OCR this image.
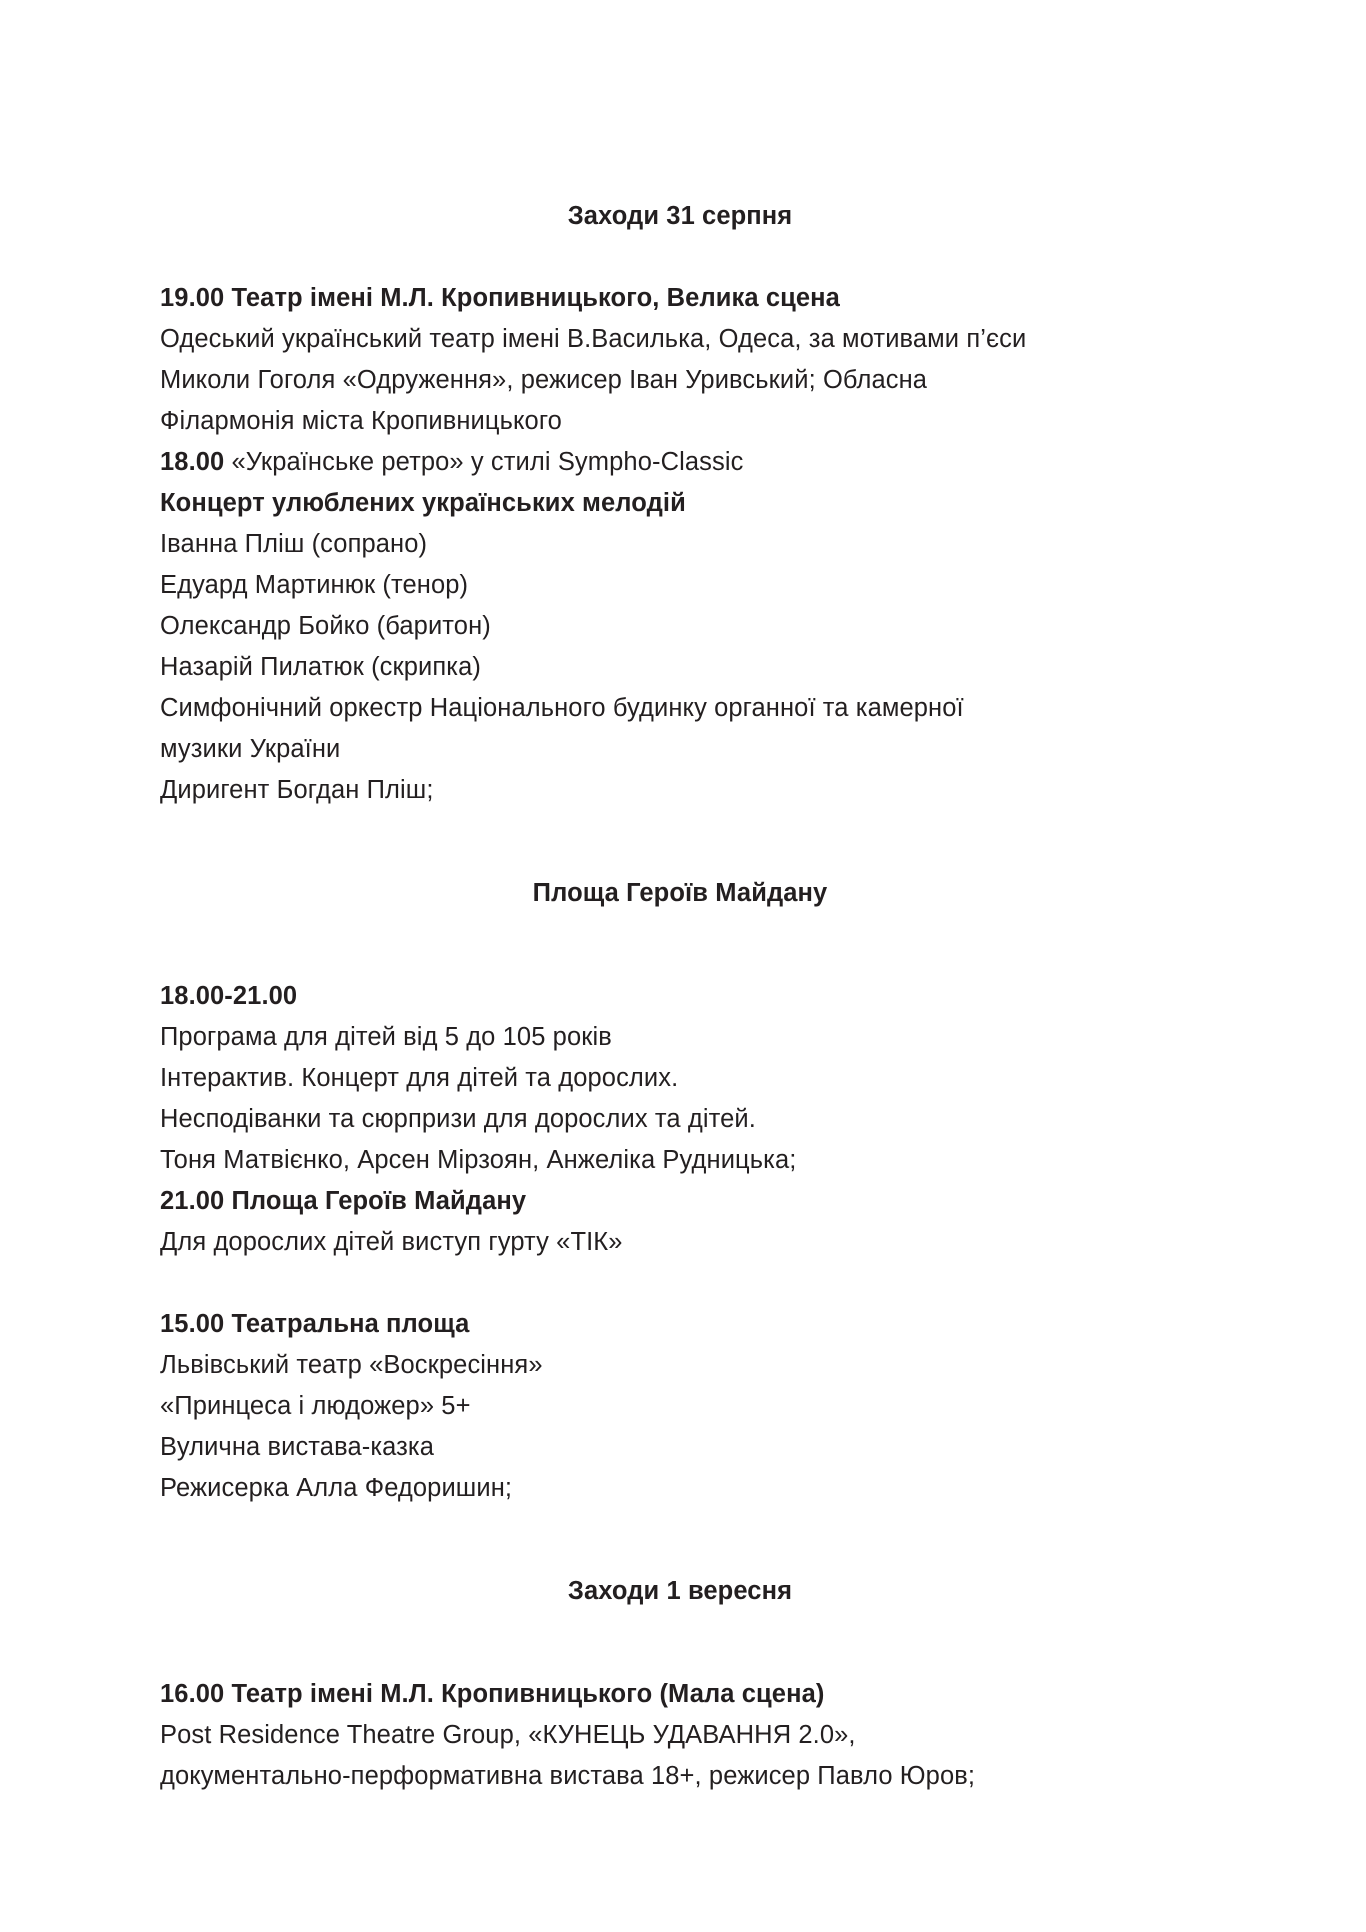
Заходи 31 серпня
19.00 Театр імені М.Л. Кропивницького, Велика сцена
Одеський український театр імені В.Василька, Одеса, за мотивами п’єси
Миколи Гоголя «Одруження», режисер Іван Уривський; Обласна
Філармонія міста Кропивницького
18.00 «Українське ретро» у стилі Sympho-Classic
Концерт улюблених українських мелодій
Іванна Пліш (сопрано)
Едуард Мартинюк (тенор)
Олександр Бойко (баритон)
Назарій Пилатюк (скрипка)
Симфонічний оркестр Національного будинку органної та камерної
музики України
Диригент Богдан Пліш;
Площа Героїв Майдану
18.00-21.00
Програма для дітей від 5 до 105 років
Інтерактив. Концерт для дітей та дорослих.
Несподіванки та сюрпризи для дорослих та дітей.
Тоня Матвієнко, Арсен Мірзоян, Анжеліка Рудницька;
21.00 Площа Героїв Майдану
Для дорослих дітей виступ гурту «ТІК»
15.00 Театральна площа
Львівський театр «Воскресіння»
«Принцеса і людожер» 5+
Вулична вистава-казка
Режисерка Алла Федоришин;
Заходи 1 вересня
16.00 Театр імені М.Л. Кропивницького (Мала сцена)
Post Residence Theatre Group, «КУНЕЦЬ УДАВАННЯ 2.0»,
документально-перформативна вистава 18+, режисер Павло Юров;
